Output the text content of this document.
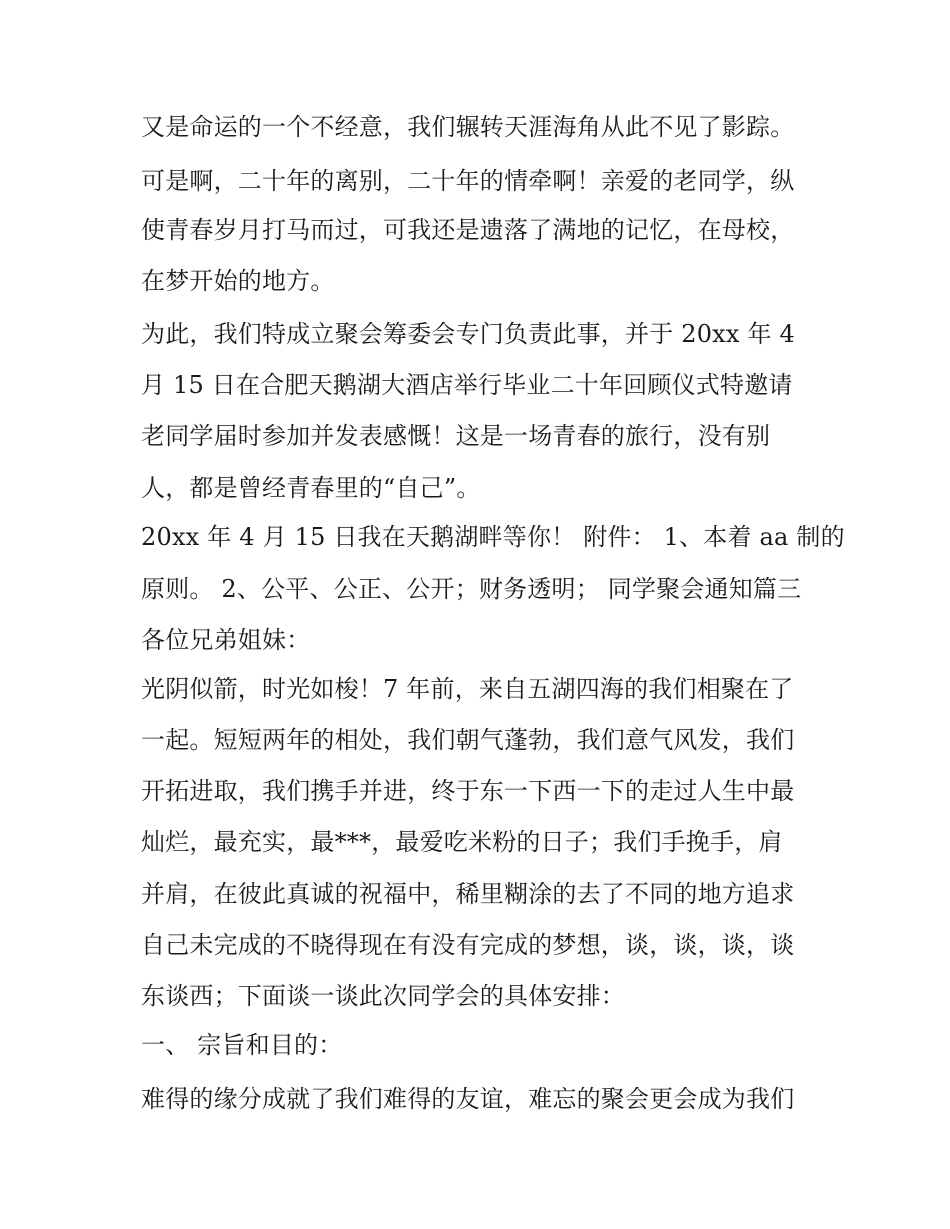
又是命运的一个不经意，我们辗转天涯海角从此不见了影踪。
可是啊，二十年的离别，二十年的情牵啊！亲爱的老同学，纵
使青春岁月打马而过，可我还是遗落了满地的记忆，在母校，
在梦开始的地方。
为此，我们特成立聚会筹委会专门负责此事，并于 20xx 年 4
月 15 日在合肥天鹅湖大酒店举行毕业二十年回顾仪式特邀请
老同学届时参加并发表感慨！这是一场青春的旅行，没有别
人，都是曾经青春里的“自己”。
20xx 年 4 月 15 日我在天鹅湖畔等你！ 附件： 1、本着 aa 制的
原则。 2、公平、公正、公开；财务透明； 同学聚会通知篇三
各位兄弟姐妹：
光阴似箭，时光如梭！7 年前，来自五湖四海的我们相聚在了
一起。短短两年的相处，我们朝气蓬勃，我们意气风发，我们
开拓进取，我们携手并进，终于东一下西一下的走过人生中最
灿烂，最充实，最***，最爱吃米粉的日子；我们手挽手，肩
并肩，在彼此真诚的祝福中，稀里糊涂的去了不同的地方追求
自己未完成的不晓得现在有没有完成的梦想，谈，谈，谈，谈
东谈西；下面谈一谈此次同学会的具体安排：
一、 宗旨和目的：
难得的缘分成就了我们难得的友谊，难忘的聚会更会成为我们
